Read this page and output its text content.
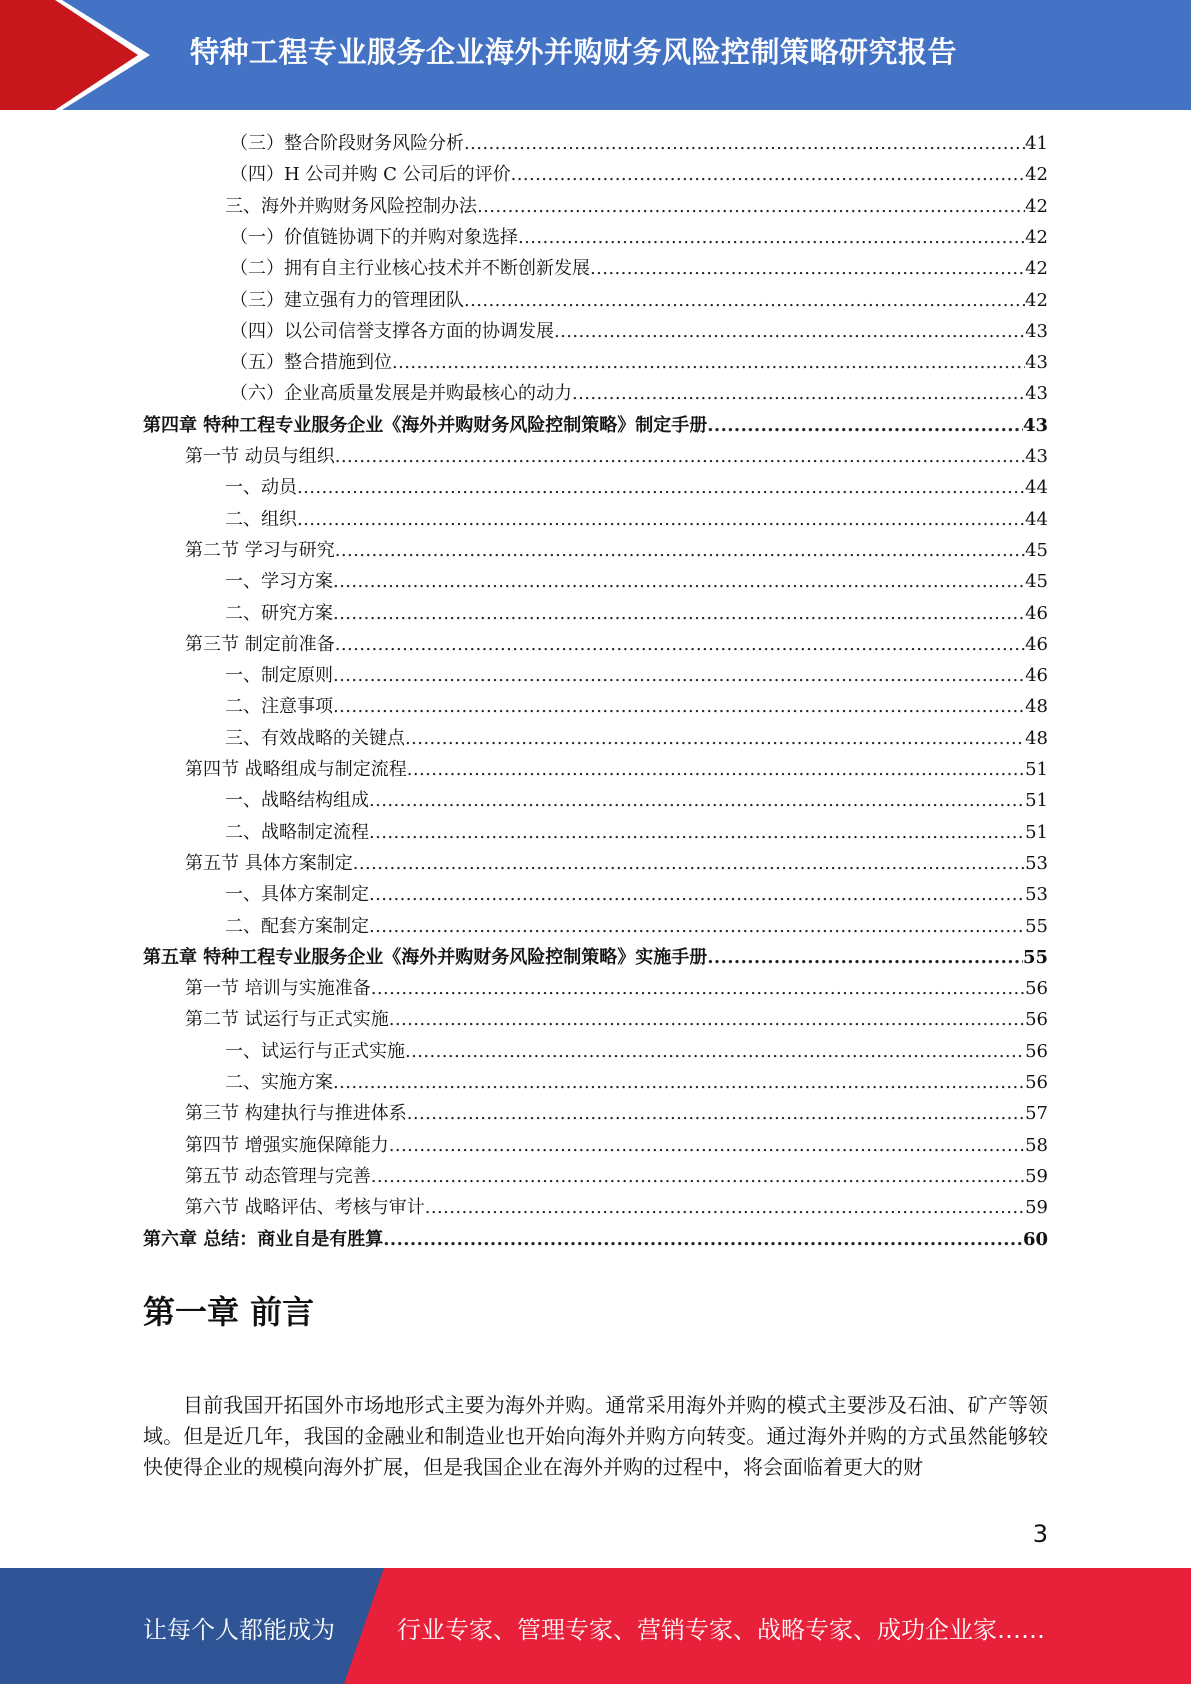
特种工程专业服务企业海外并购财务风险控制策略研究报告
（三）整合阶段财务风险分析 .....	41
（四）H 公司并购 C 公司后的评价 .....	42
三、海外并购财务风险控制办法 .....	42
（一）价值链协调下的并购对象选择 .....	42
（二）拥有自主行业核心技术并不断创新发展 .....	42
（三）建立强有力的管理团队 .....	42
（四）以公司信誉支撑各方面的协调发展 .....	43
（五）整合措施到位 .....	43
（六）企业高质量发展是并购最核心的动力 .....	43
第四章 特种工程专业服务企业《海外并购财务风险控制策略》制定手册 .....	43
第一节 动员与组织 .....	43
一、动员 .....	44
二、组织 .....	44
第二节 学习与研究 .....	45
一、学习方案 .....	45
二、研究方案 .....	46
第三节 制定前准备 .....	46
一、制定原则 .....	46
二、注意事项 .....	48
三、有效战略的关键点 .....	48
第四节 战略组成与制定流程 .....	51
一、战略结构组成 .....	51
二、战略制定流程 .....	51
第五节 具体方案制定 .....	53
一、具体方案制定 .....	53
二、配套方案制定 .....	55
第五章 特种工程专业服务企业《海外并购财务风险控制策略》实施手册 .....	55
第一节 培训与实施准备 .....	56
第二节 试运行与正式实施 .....	56
一、试运行与正式实施 .....	56
二、实施方案 .....	56
第三节 构建执行与推进体系 .....	57
第四节 增强实施保障能力 .....	58
第五节 动态管理与完善 .....	59
第六节 战略评估、考核与审计 .....	59
第六章 总结：商业自是有胜算 .....	60
第一章 前言

目前我国开拓国外市场地形式主要为海外并购。通常采用海外并购的模式主要涉及石油、矿产等领域。但是近几年，我国的金融业和制造业也开始向海外并购方向转变。通过海外并购的方式虽然能够较快使得企业的规模向海外扩展，但是我国企业在海外并购的过程中，将会面临着更大的财

3
让每个人都能成为	行业专家、管理专家、营销专家、战略专家、成功企业家……
